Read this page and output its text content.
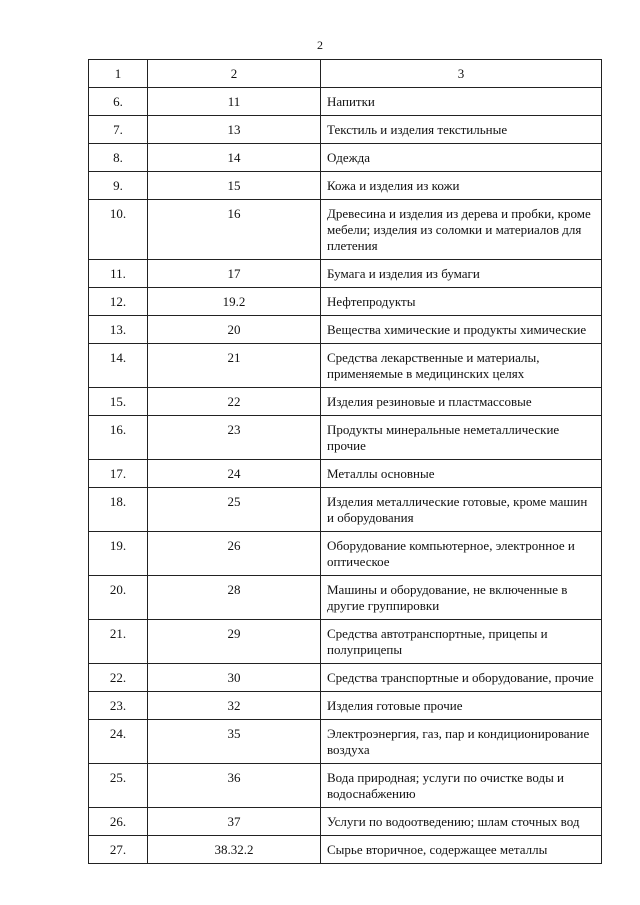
2
1	2	3
6.	11	Напитки
7.	13	Текстиль и изделия текстильные
8.	14	Одежда
9.	15	Кожа и изделия из кожи
10.	16	Древесина и изделия из дерева и пробки, кроме мебели; изделия из соломки и материалов для плетения
11.	17	Бумага и изделия из бумаги
12.	19.2	Нефтепродукты
13.	20	Вещества химические и продукты химические
14.	21	Средства лекарственные и материалы, применяемые в медицинских целях
15.	22	Изделия резиновые и пластмассовые
16.	23	Продукты минеральные неметаллические прочие
17.	24	Металлы основные
18.	25	Изделия металлические готовые, кроме машин и оборудования
19.	26	Оборудование компьютерное, электронное и оптическое
20.	28	Машины и оборудование, не включенные в другие группировки
21.	29	Средства автотранспортные, прицепы и полуприцепы
22.	30	Средства транспортные и оборудование, прочие
23.	32	Изделия готовые прочие
24.	35	Электроэнергия, газ, пар и кондиционирование воздуха
25.	36	Вода природная; услуги по очистке воды и водоснабжению
26.	37	Услуги по водоотведению; шлам сточных вод
27.	38.32.2	Сырье вторичное, содержащее металлы
